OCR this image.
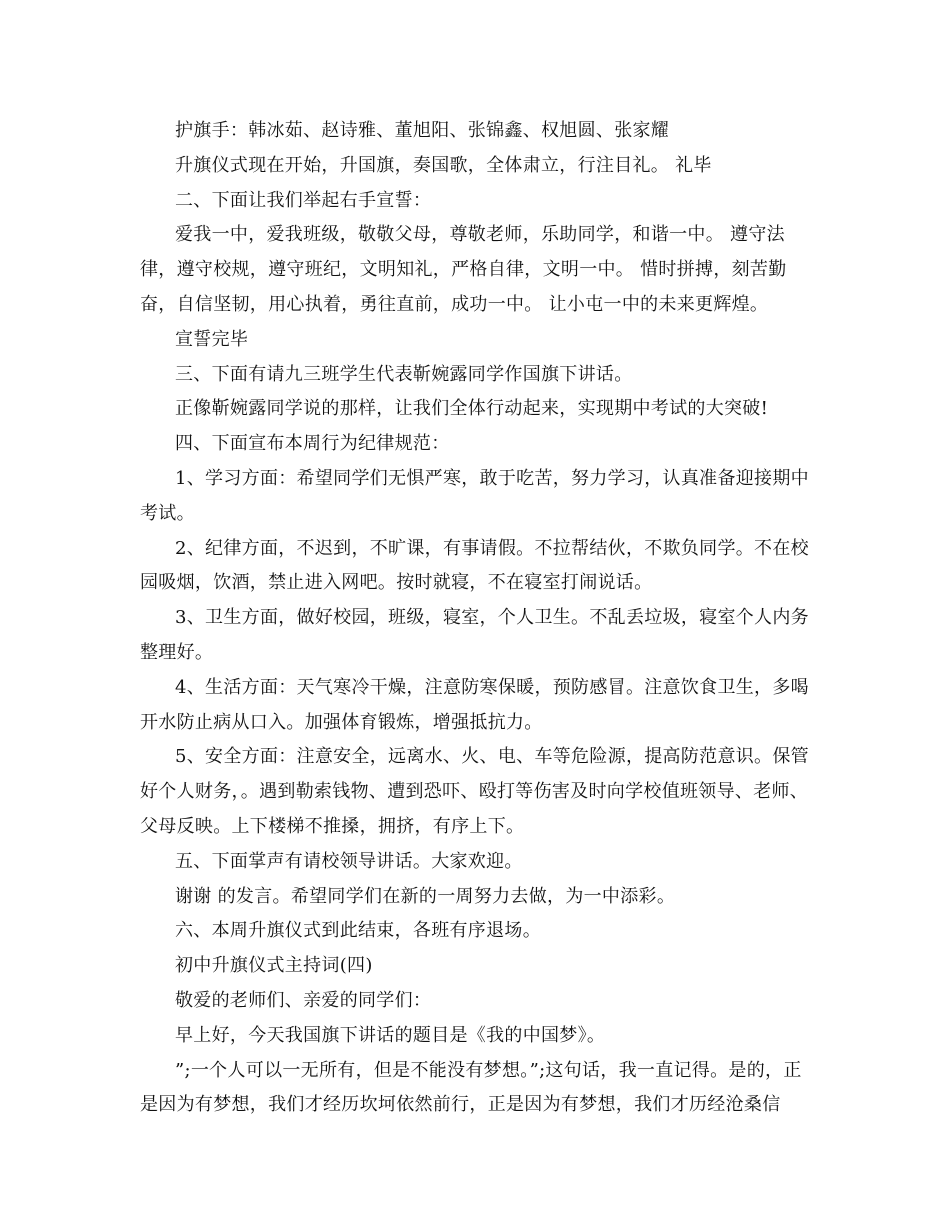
护旗手：韩冰茹、赵诗雅、董旭阳、张锦鑫、权旭圆、张家耀

升旗仪式现在开始，升国旗，奏国歌，全体肃立，行注目礼。 礼毕

二、下面让我们举起右手宣誓：

爱我一中，爱我班级，敬敬父母，尊敬老师，乐助同学，和谐一中。 遵守法律，遵守校规，遵守班纪，文明知礼，严格自律，文明一中。 惜时拼搏，刻苦勤奋，自信坚韧，用心执着，勇往直前，成功一中。 让小屯一中的未来更辉煌。

宣誓完毕

三、下面有请九三班学生代表靳婉露同学作国旗下讲话。

正像靳婉露同学说的那样，让我们全体行动起来，实现期中考试的大突破!

四、下面宣布本周行为纪律规范：

1、学习方面：希望同学们无惧严寒，敢于吃苦，努力学习，认真准备迎接期中考试。

2、纪律方面，不迟到，不旷课，有事请假。不拉帮结伙，不欺负同学。不在校园吸烟，饮酒，禁止进入网吧。按时就寝，不在寝室打闹说话。

3、卫生方面，做好校园，班级，寝室，个人卫生。不乱丢垃圾，寝室个人内务整理好。

4、生活方面：天气寒冷干燥，注意防寒保暖，预防感冒。注意饮食卫生，多喝开水防止病从口入。加强体育锻炼，增强抵抗力。

5、安全方面：注意安全，远离水、火、电、车等危险源，提高防范意识。保管好个人财务，。遇到勒索钱物、遭到恐吓、殴打等伤害及时向学校值班领导、老师、父母反映。上下楼梯不推搡，拥挤，有序上下。

五、下面掌声有请校领导讲话。大家欢迎。

谢谢 的发言。希望同学们在新的一周努力去做，为一中添彩。

六、本周升旗仪式到此结束，各班有序退场。

初中升旗仪式主持词(四)

敬爱的老师们、亲爱的同学们：

早上好，今天我国旗下讲话的题目是《我的中国梦》。

”;一个人可以一无所有，但是不能没有梦想。”;这句话，我一直记得。是的，正是因为有梦想，我们才经历坎坷依然前行，正是因为有梦想，我们才历经沧桑信
